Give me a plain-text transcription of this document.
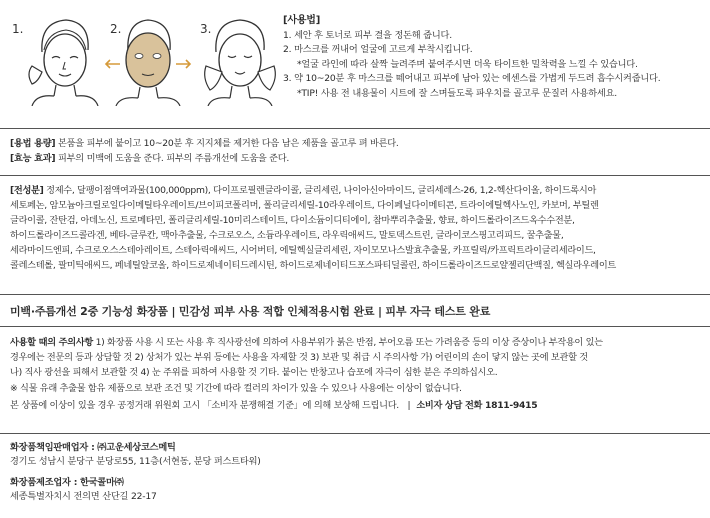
1.	2.	3.
[사용법]
1. 세안 후 토너로 피부 결을 정돈해 줍니다.
2. 마스크를 꺼내어 얼굴에 고르게 부착시킵니다.
*얼굴 라인에 따라 살짝 늘려주며 붙여주시면 더욱 타이트한 밀착력을 느낄 수 있습니다.
3. 약 10~20분 후 마스크를 떼어내고 피부에 남아 있는 에센스를 가볍게 두드려 흡수시켜줍니다.
*TIP! 사용 전 내용물이 시트에 잘 스며들도록 파우치를 골고루 문질러 사용하세요.
[용법 용량] 본품을 피부에 붙이고 10~20분 후 지지체를 제거한 다음 남은 제품을 골고루 펴 바른다.
[효능 효과] 피부의 미백에 도움을 준다. 피부의 주름개선에 도움을 준다.
[전성분] 정제수, 달팽이점액여과물(100,000ppm), 다이프로필렌글라이콜, 글리세린, 나이아신아마이드, 글리세레스-26, 1,2-헥산다이올, 하이드록시아
세토페논, 암모늄아크릴로일다이메틸타우레이트/브이피코폴리머, 폴리글리세릴-10라우레이트, 다이페닐다이메티콘, 트라이에틸헥사노인, 카보머, 부틸렌
글라이콜, 잔탄검, 아데노신, 트로메타민, 폴리글리세릴-10미리스테이트, 다이소듐이디티에이, 참마뿌리추출물, 향료, 하이드롤라이즈드옥수수전분,
하이드롤라이즈드콜라겐, 베타-글루칸, 맥아추출물, 수크로오스, 소듐라우레이트, 라우릭애씨드, 말토덱스트린, 글라이코스핑고리피드, 꿀추출물,
세라마이드엔피, 수크로오스스테아레이트, 스테아릭애씨드, 시어버터, 에틸헥실글리세린, 자이모모나스발효추출물, 카프릴릭/카프릭트라이글리세라이드,
콜레스테롤, 팔미틱애씨드, 페네틸알코올, 하이드로제네이티드레시틴, 하이드로제네이티드포스파티딜콜린, 하이드롤라이즈드로얄젤리단백질, 헥실라우레이트
미백·주름개선 2중 기능성 화장품 | 민감성 피부 사용 적합 인체적용시험 완료 | 피부 자극 테스트 완료
사용할 때의 주의사항 1) 화장품 사용 시 또는 사용 후 직사광선에 의하여 사용부위가 붉은 반점, 부어오름 또는 가려움증 등의 이상 증상이나 부작용이 있는
경우에는 전문의 등과 상담할 것 2) 상처가 있는 부위 등에는 사용을 자제할 것 3) 보관 및 취급 시 주의사항 가) 어린이의 손이 닿지 않는 곳에 보관할 것
나) 직사 광선을 피해서 보관할 것 4) 눈 주위를 피하여 사용할 것 기타. 붙이는 반창고나 습포에 자극이 심한 분은 주의하십시오.
※ 식물 유래 추출물 함유 제품으로 보관 조건 및 기간에 따라 컬러의 차이가 있을 수 있으나 사용에는 이상이 없습니다.
본 상품에 이상이 있을 경우 공정거래 위원회 고시 「소비자 분쟁해결 기준」에 의해 보상해 드립니다. | 소비자 상담 전화 1811-9415
화장품책임판매업자 : ㈜고운세상코스메틱
경기도 성남시 분당구 분당로55, 11층(서현동, 분당 퍼스트타워)
화장품제조업자 : 한국콜마㈜
세종특별자치시 전의면 산단길 22-17
